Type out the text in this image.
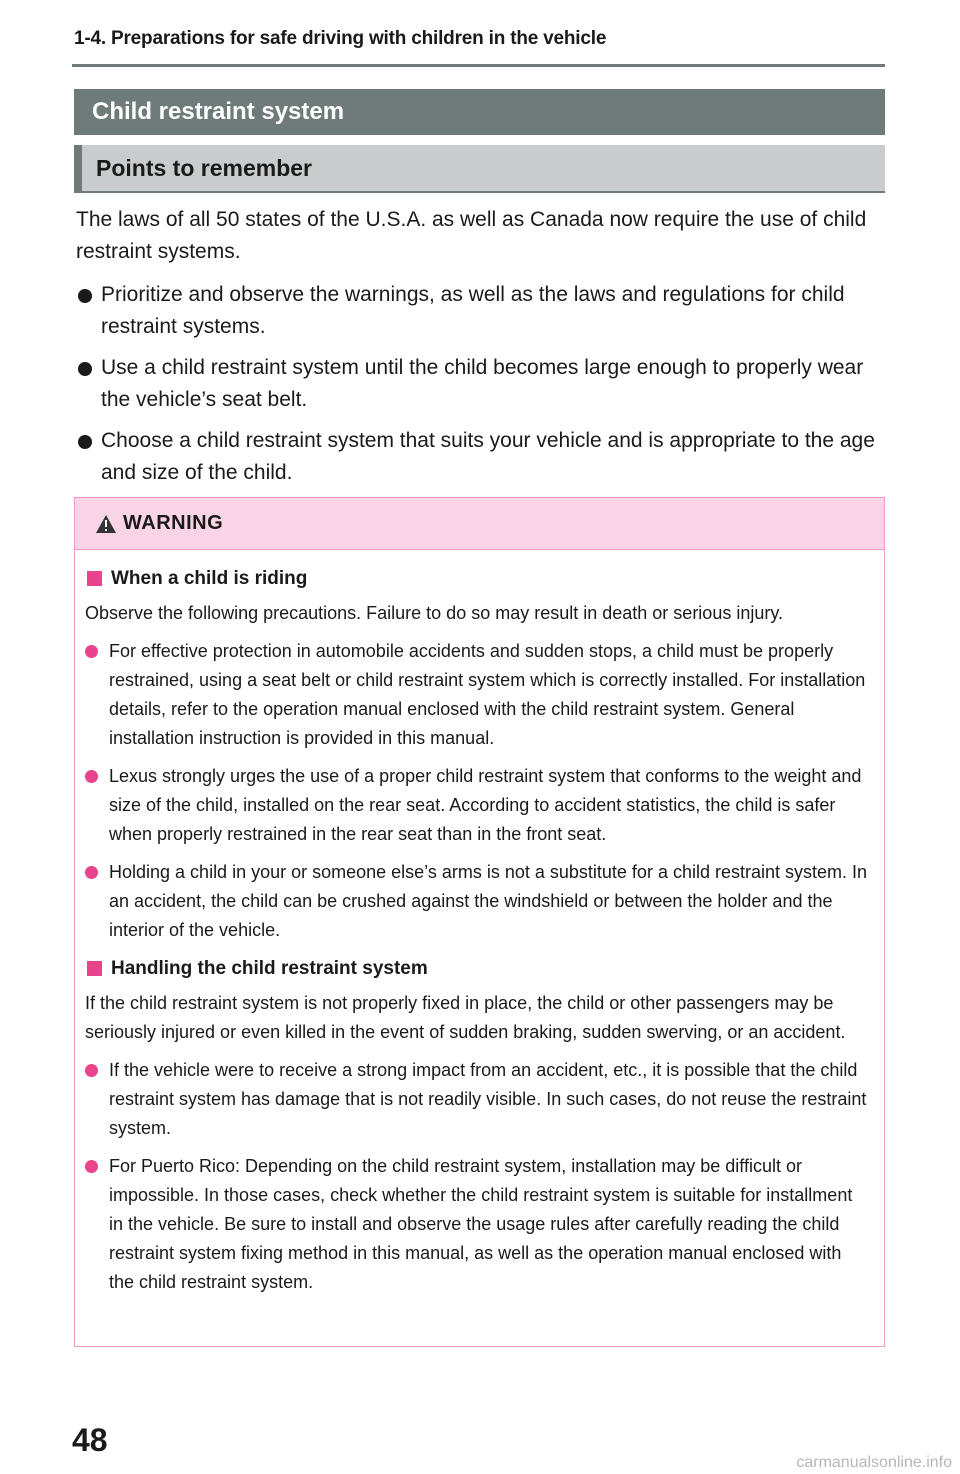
1-4. Preparations for safe driving with children in the vehicle
Child restraint system
Points to remember

The laws of all 50 states of the U.S.A. as well as Canada now require the use of child restraint systems.

Prioritize and observe the warnings, as well as the laws and regulations for child restraint systems.
Use a child restraint system until the child becomes large enough to properly wear the vehicle’s seat belt.
Choose a child restraint system that suits your vehicle and is appropriate to the age and size of the child.
WARNING
When a child is riding

Observe the following precautions. Failure to do so may result in death or serious injury.

For effective protection in automobile accidents and sudden stops, a child must be properly restrained, using a seat belt or child restraint system which is correctly installed. For installation details, refer to the operation manual enclosed with the child restraint system. General installation instruction is provided in this manual.
Lexus strongly urges the use of a proper child restraint system that conforms to the weight and size of the child, installed on the rear seat. According to accident statistics, the child is safer when properly restrained in the rear seat than in the front seat.
Holding a child in your or someone else’s arms is not a substitute for a child restraint system. In an accident, the child can be crushed against the windshield or between the holder and the interior of the vehicle.
Handling the child restraint system

If the child restraint system is not properly fixed in place, the child or other passengers may be seriously injured or even killed in the event of sudden braking, sudden swerving, or an accident.

If the vehicle were to receive a strong impact from an accident, etc., it is possible that the child restraint system has damage that is not readily visible. In such cases, do not reuse the restraint system.
For Puerto Rico: Depending on the child restraint system, installation may be difficult or impossible. In those cases, check whether the child restraint system is suitable for installment in the vehicle. Be sure to install and observe the usage rules after carefully reading the child restraint system fixing method in this manual, as well as the operation manual enclosed with the child restraint system.
48
carmanualsonline.info
